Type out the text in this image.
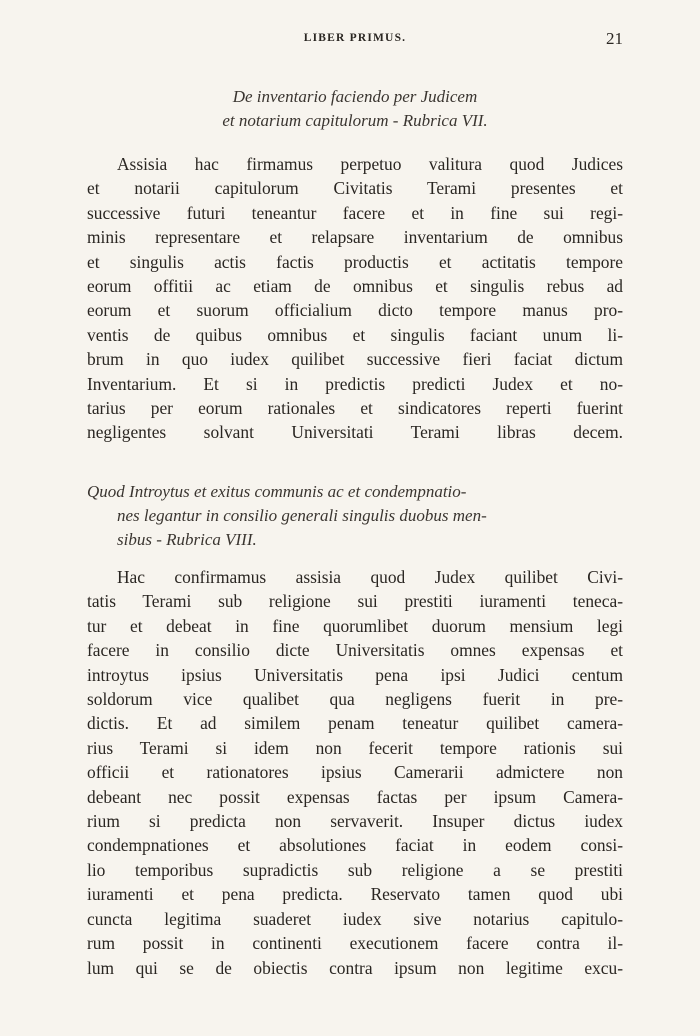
LIBER PRIMUS.	21
De inventario faciendo per Judicem
et notarium capitulorum - Rubrica VII.
Assisia hac firmamus perpetuo valitura quod Judices
et notarii capitulorum Civitatis Terami presentes et
successive futuri teneantur facere et in fine sui regi-
minis representare et relapsare inventarium de omnibus
et singulis actis factis productis et actitatis tempore
eorum offitii ac etiam de omnibus et singulis rebus ad
eorum et suorum officialium dicto tempore manus pro-
ventis de quibus omnibus et singulis faciant unum li-
brum in quo iudex quilibet successive fieri faciat dictum
Inventarium. Et si in predictis predicti Judex et no-
tarius per eorum rationales et sindicatores reperti fuerint
negligentes solvant Universitati Terami libras decem.
Quod Introytus et exitus communis ac et condempnatio-
nes legantur in consilio generali singulis duobus men-
sibus - Rubrica VIII.
Hac confirmamus assisia quod Judex quilibet Civi-
tatis Terami sub religione sui prestiti iuramenti teneca-
tur et debeat in fine quorumlibet duorum mensium legi
facere in consilio dicte Universitatis omnes expensas et
introytus ipsius Universitatis pena ipsi Judici centum
soldorum vice qualibet qua negligens fuerit in pre-
dictis. Et ad similem penam teneatur quilibet camera-
rius Terami si idem non fecerit tempore rationis sui
officii et rationatores ipsius Camerarii admictere non
debeant nec possit expensas factas per ipsum Camera-
rium si predicta non servaverit. Insuper dictus iudex
condempnationes et absolutiones faciat in eodem consi-
lio temporibus supradictis sub religione a se prestiti
iuramenti et pena predicta. Reservato tamen quod ubi
cuncta legitima suaderet iudex sive notarius capitulo-
rum possit in continenti executionem facere contra il-
lum qui se de obiectis contra ipsum non legitime excu-
